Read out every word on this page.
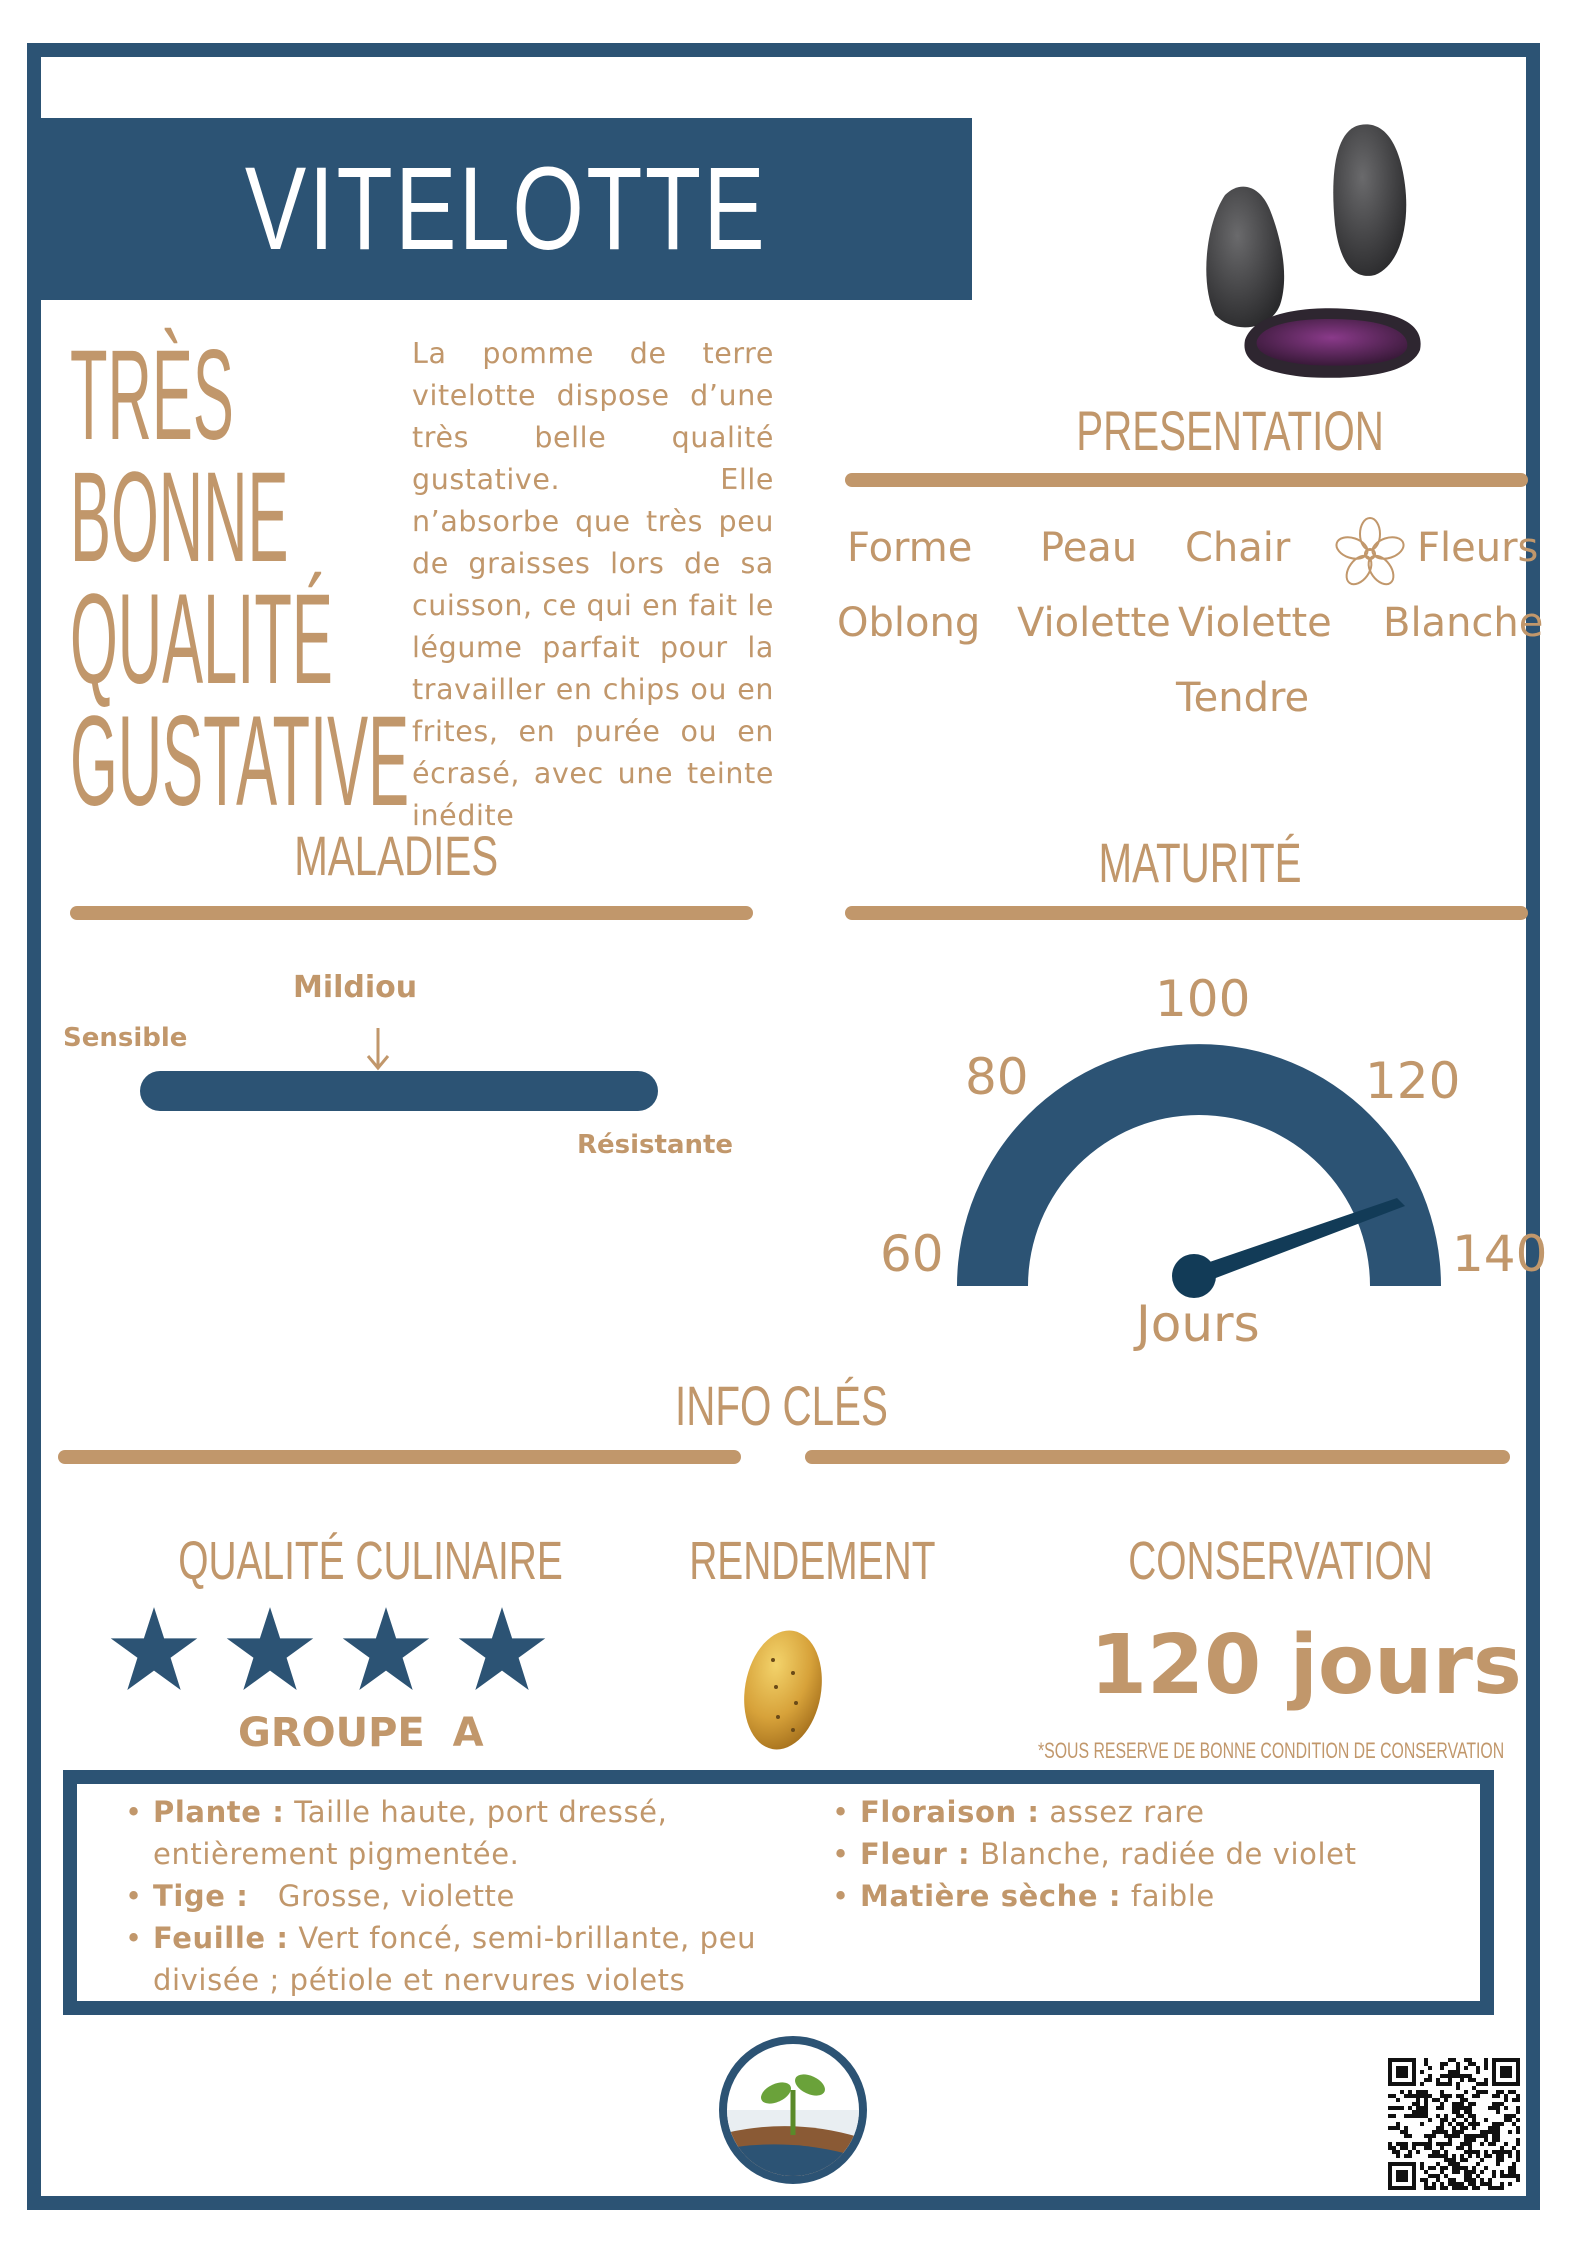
VITELOTTE
TRÈS BONNE
QUALITÉ
GUSTATIVE
La pomme de terre vitelotte dispose d’une très belle qualité gustative. Elle n’absorbe que très peu de graisses lors de sa cuisson, ce qui en fait le légume parfait pour la travailler en chips ou en frites, en purée ou en écrasé, avec une teinte inédite
PRESENTATION
Forme Peau Chair	Fleurs
Oblong Violette Violette Blanche
Tendre
MALADIES
Mildiou
Sensible
Résistante
MATURITÉ
60
80
100
120
140
Jours
INFO CLÉS
QUALITÉ CULINAIRE
GROUPE  A
RENDEMENT	CONSERVATION
120 jours
*SOUS RESERVE DE BONNE CONDITION DE CONSERVATION
• Plante : Taille haute, port dressé, entièrement pigmentée.
• Tige :   Grosse, violette
• Feuille : Vert foncé, semi-brillante, peu divisée ; pétiole et nervures violets
• Floraison : assez rare
• Fleur : Blanche, radiée de violet
• Matière sèche : faible
